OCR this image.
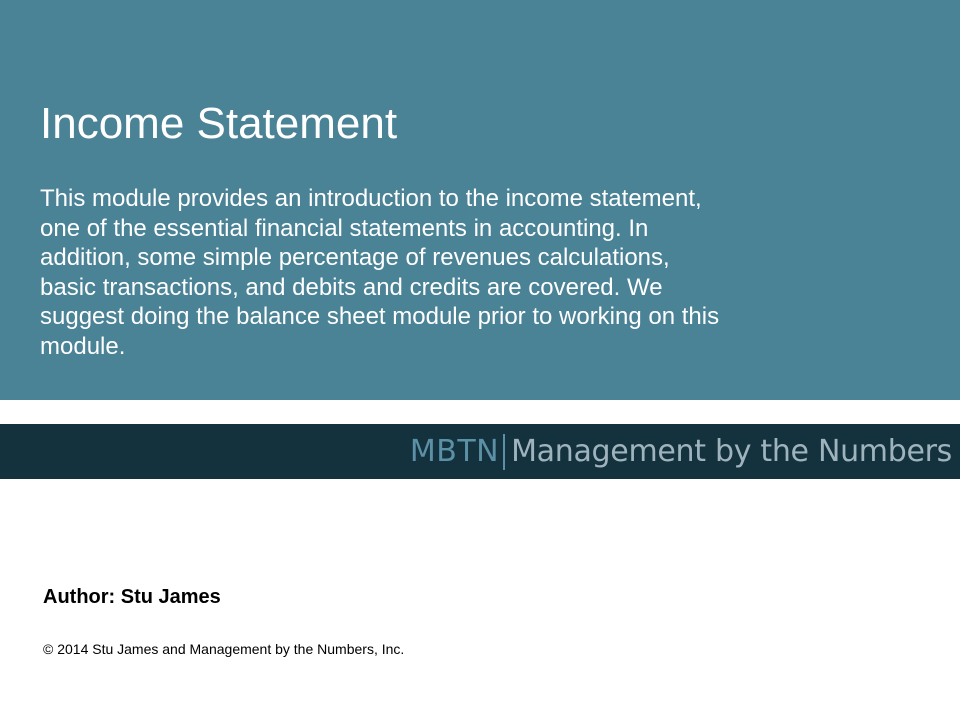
Income Statement

This module provides an introduction to the income statement, one of the essential financial statements in accounting. In addition, some simple percentage of revenues calculations, basic transactions, and debits and credits are covered. We suggest doing the balance sheet module prior to working on this module.

MBTN Management by the Numbers

Author: Stu James

© 2014 Stu James and Management by the Numbers, Inc.
